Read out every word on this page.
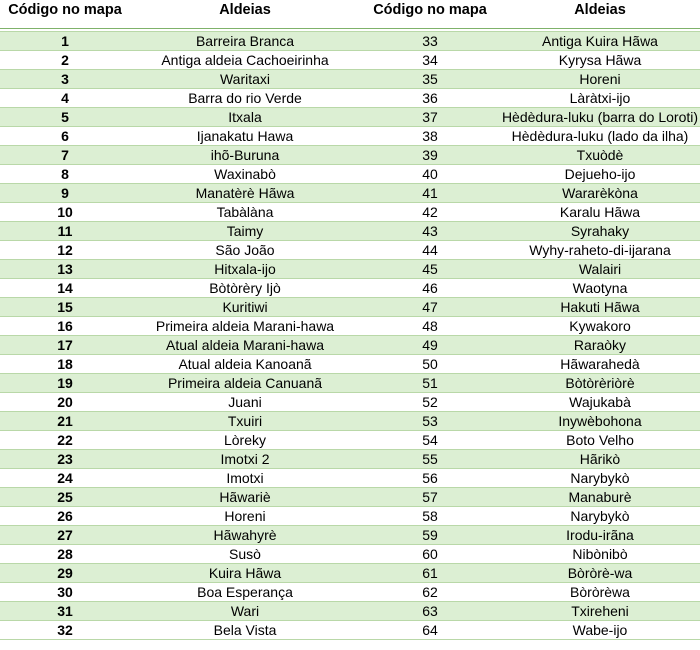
Código no mapa	Aldeias	Código no mapa	Aldeias

1	Barreira Branca	33	Antiga Kuira Hãwa
2	Antiga aldeia Cachoeirinha	34	Kyrysa Hãwa
3	Waritaxi	35	Horeni
4	Barra do rio Verde	36	Làràtxi-ijo
5	Itxala	37	Hèdèdura-luku (barra do Loroti)
6	Ijanakatu Hawa	38	Hèdèdura-luku (lado da ilha)
7	ihõ-Buruna	39	Txuòdè
8	Waxinabò	40	Dejueho-ijo
9	Manatèrè Hãwa	41	Wararèkòna
10	Tabàlàna	42	Karalu Hãwa
11	Taimy	43	Syrahaky
12	São João	44	Wyhy-raheto-di-ijarana
13	Hitxala-ijo	45	Walairi
14	Bòtòrèry Ijò	46	Waotyna
15	Kuritiwi	47	Hakuti Hãwa
16	Primeira aldeia Marani-hawa	48	Kywakoro
17	Atual aldeia Marani-hawa	49	Raraòky
18	Atual aldeia Kanoanã	50	Hãwarahedà
19	Primeira aldeia Canuanã	51	Bòtòrèriòrè
20	Juani	52	Wajukabà
21	Txuiri	53	Inywèbohona
22	Lòreky	54	Boto Velho
23	Imotxi 2	55	Hãrikò
24	Imotxi	56	Narybykò
25	Hãwariè	57	Manaburè
26	Horeni	58	Narybykò
27	Hãwahyrè	59	Irodu-irãna
28	Susò	60	Nibònibò
29	Kuira Hãwa	61	Bòròrè-wa
30	Boa Esperança	62	Bòròrèwa
31	Wari	63	Txireheni
32	Bela Vista	64	Wabe-ijo
